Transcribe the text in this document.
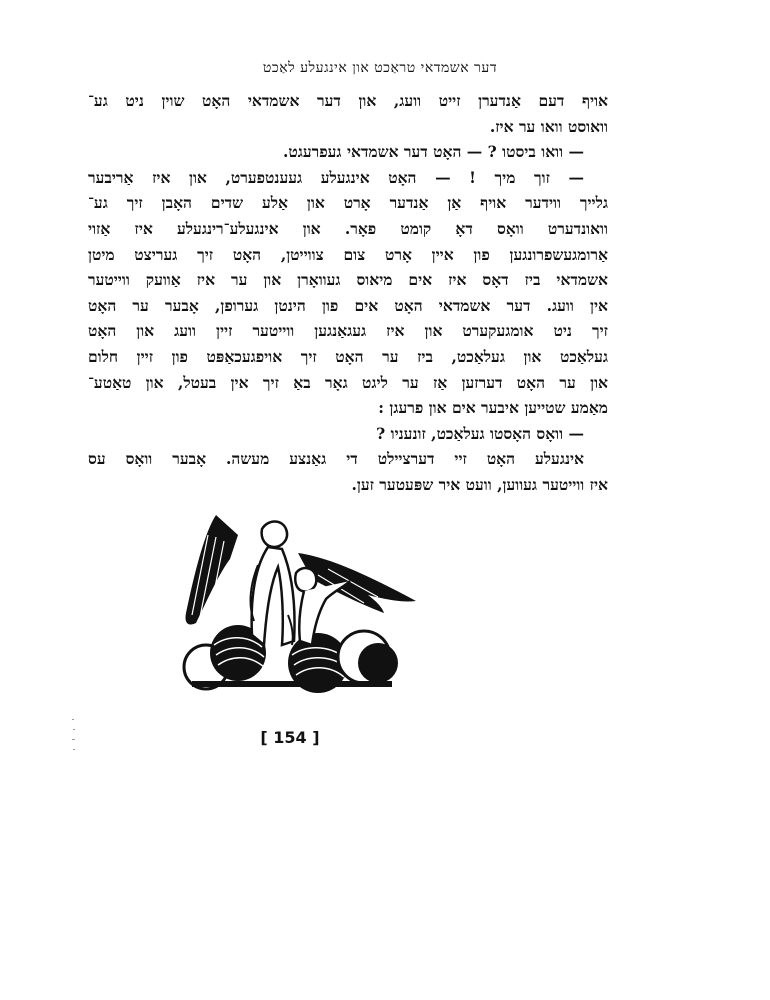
דער אשמדאי טראַכט און אינגעלע לאַכט
אויף דעם אַנדערן זייט וועג, און דער אשמדאי האָט שוין ניט גע־
וואוסט וואו ער איז.
— וואו ביסטו ? — האָט דער אשמדאי געפרעגט.
— זוך מיך ! — האָט אינגעלע געענטפערט, און איז אַריבער
גלייך ווידער אויף אַן אַנדער אָרט און אַלע שדים האָבן זיך גע־
וואונדערט וואָס דאָ קומט פאָר. און אינגעלע־רינגעלע איז אַזוי
אַרומגעשפרונגען פון איין אָרט צום צווייטן, האָט זיך געריצט מיטן
אשמדאי ביז דאָס איז אים מיאוס געוואָרן און ער איז אַוועק ווייטער
אין וועג. דער אשמדאי האָט אים פון הינטן גערופן, אָבער ער האָט
זיך ניט אומגעקערט און איז געגאַנגען ווייטער זיין וועג און האָט
געלאַכט און געלאַכט, ביז ער האָט זיך אויפגעכאַפּט פון זיין חלום
און ער האָט דערזען אַז ער ליגט גאָר באַ זיך אין בעטל, און טאַטע־
מאַמע שטייען איבער אים און פרעגן :
— וואָס האָסטו געלאַכט, זונעניו ?
אינגעלע האָט זיי דערציילט די גאַנצע מעשה. אָבער וואָס עס
איז ווייטער געווען, וועט איר שפּעטער זען.
[ 154 ]
